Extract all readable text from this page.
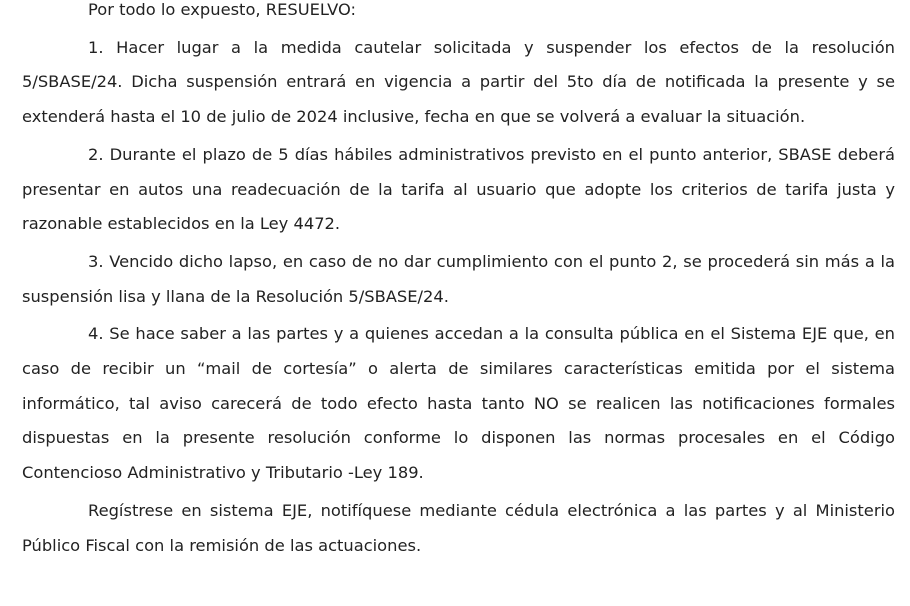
Por todo lo expuesto, RESUELVO:

1. Hacer lugar a la medida cautelar solicitada y suspender los efectos de la resolución 5/SBASE/24. Dicha suspensión entrará en vigencia a partir del 5to día de notificada la presente y se extenderá hasta el 10 de julio de 2024 inclusive, fecha en que se volverá a evaluar la situación.

2. Durante el plazo de 5 días hábiles administrativos previsto en el punto anterior, SBASE deberá presentar en autos una readecuación de la tarifa al usuario que adopte los criterios de tarifa justa y razonable establecidos en la Ley 4472.

3. Vencido dicho lapso, en caso de no dar cumplimiento con el punto 2, se procederá sin más a la suspensión lisa y llana de la Resolución 5/SBASE/24.

4. Se hace saber a las partes y a quienes accedan a la consulta pública en el Sistema EJE que, en caso de recibir un “mail de cortesía” o alerta de similares características emitida por el sistema informático, tal aviso carecerá de todo efecto hasta tanto NO se realicen las notificaciones formales dispuestas en la presente resolución conforme lo disponen las normas procesales en el Código Contencioso Administrativo y Tributario -Ley 189.

Regístrese en sistema EJE, notifíquese mediante cédula electrónica a las partes y al Ministerio Público Fiscal con la remisión de las actuaciones.
